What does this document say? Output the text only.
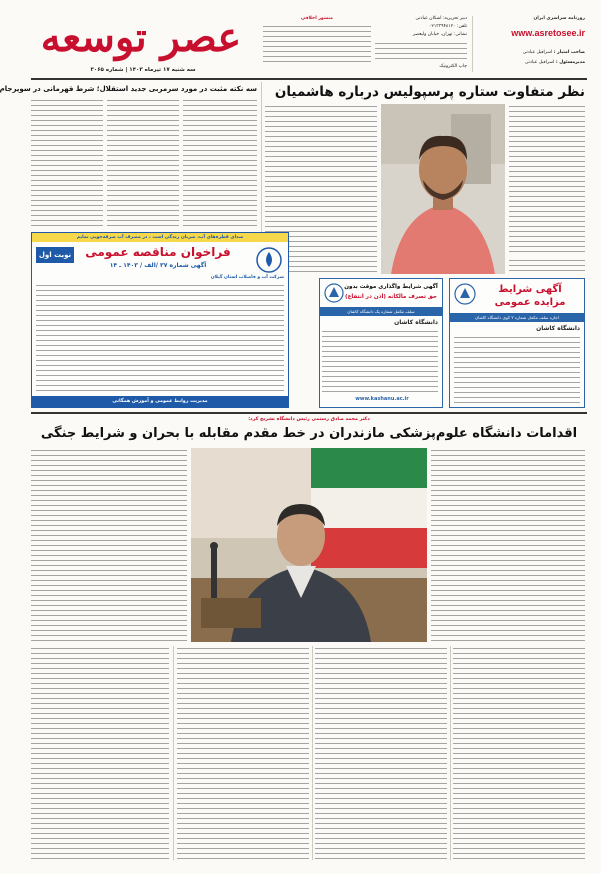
روزنامه سراسری ایران
www.asretosee.ir
صاحب امتیاز : اسرافیل عبادتی
مدیرمسئول : اسرافیل عبادتی
دبیر تحریریه: اشکان عبادتی
تلفن: ۰۲۱۳۳۹۴۸۱۲۰
نشانی: تهران، خیابان ولیعصر
چاپ الکترونیک
منشور اخلاقی
عصر توسعه
سه شنبه ۱۷ تیرماه ۱۴۰۳ | شماره ۳۰۶۵
نظر متفاوت ستاره پرسپولیس درباره هاشمیان
سه نکته مثبت در مورد سرمربی جدید استقلال؛ شرط قهرمانی در سوپرجام
صدای قطره‌های آب، ضربان زندگی است ، در مصرف آب صرفه‌جویی نمایم
فراخوان مناقصه عمومی
آگهی شماره ۳۷ /الف / ۱۴۰۳ ـ ۱۴
نوبت اول
شرکت آب و فاضلاب استان گیلان
مدیریت روابط عمومی و آموزش همگانی
آگهی شرایط
مزایده عمومی
اجاره سلف مکمل شماره ۲ کوی دانشگاه کاشان
دانشگاه کاشان
آگهی شرایط واگذاری موقت بدون
حق تصرف مالکانه (اذن در انتفاع)
سلف مکمل شماره یک دانشگاه کاشان
دانشگاه کاشان
www.kashanu.ac.ir
دکتر محمد صادق رستمی رئیس دانشگاه تشریح کرد:
اقدامات دانشگاه علوم‌پزشکی مازندران در خط مقدم مقابله با بحران و شرایط جنگی
